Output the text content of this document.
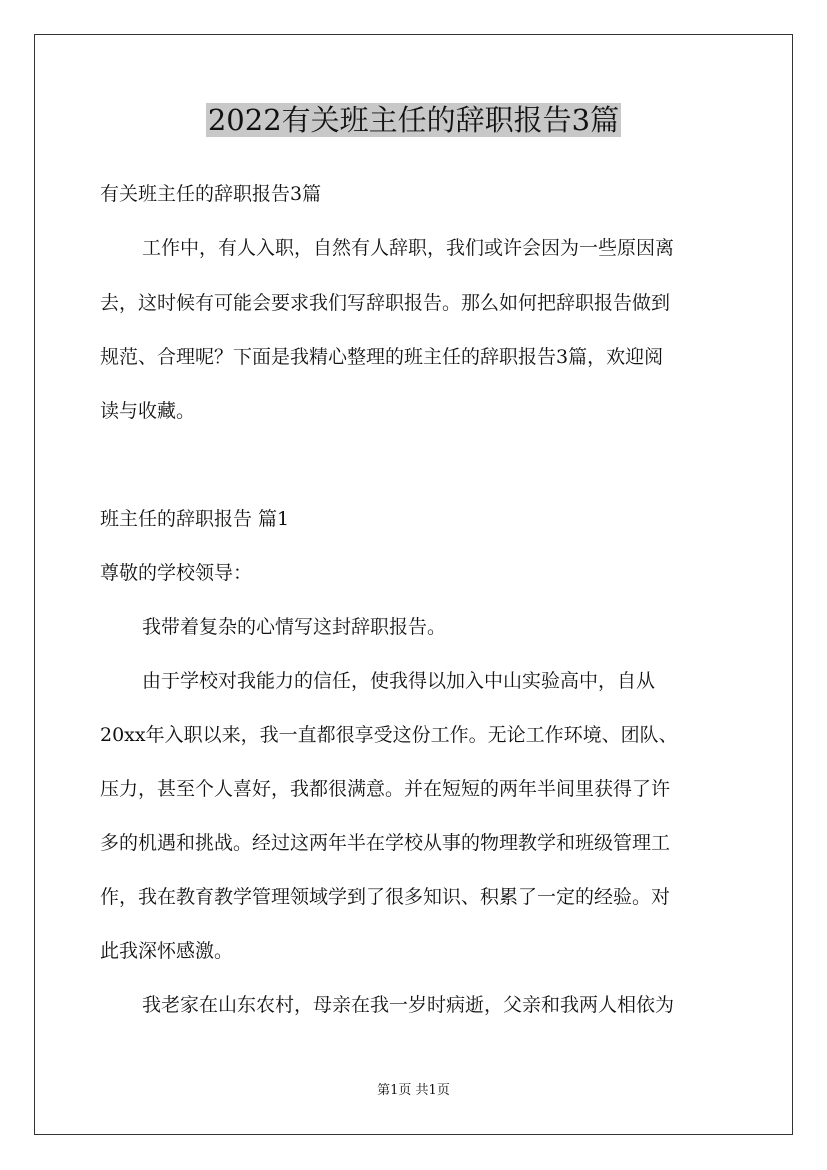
2022有关班主任的辞职报告3篇
有关班主任的辞职报告3篇
工作中，有人入职，自然有人辞职，我们或许会因为一些原因离
去，这时候有可能会要求我们写辞职报告。那么如何把辞职报告做到
规范、合理呢？下面是我精心整理的班主任的辞职报告3篇，欢迎阅
读与收藏。
班主任的辞职报告 篇1
尊敬的学校领导：
我带着复杂的心情写这封辞职报告。
由于学校对我能力的信任，使我得以加入中山实验高中，自从
20xx年入职以来，我一直都很享受这份工作。无论工作环境、团队、
压力，甚至个人喜好，我都很满意。并在短短的两年半间里获得了许
多的机遇和挑战。经过这两年半在学校从事的物理教学和班级管理工
作，我在教育教学管理领域学到了很多知识、积累了一定的经验。对
此我深怀感激。
我老家在山东农村，母亲在我一岁时病逝，父亲和我两人相依为
第1页 共1页
